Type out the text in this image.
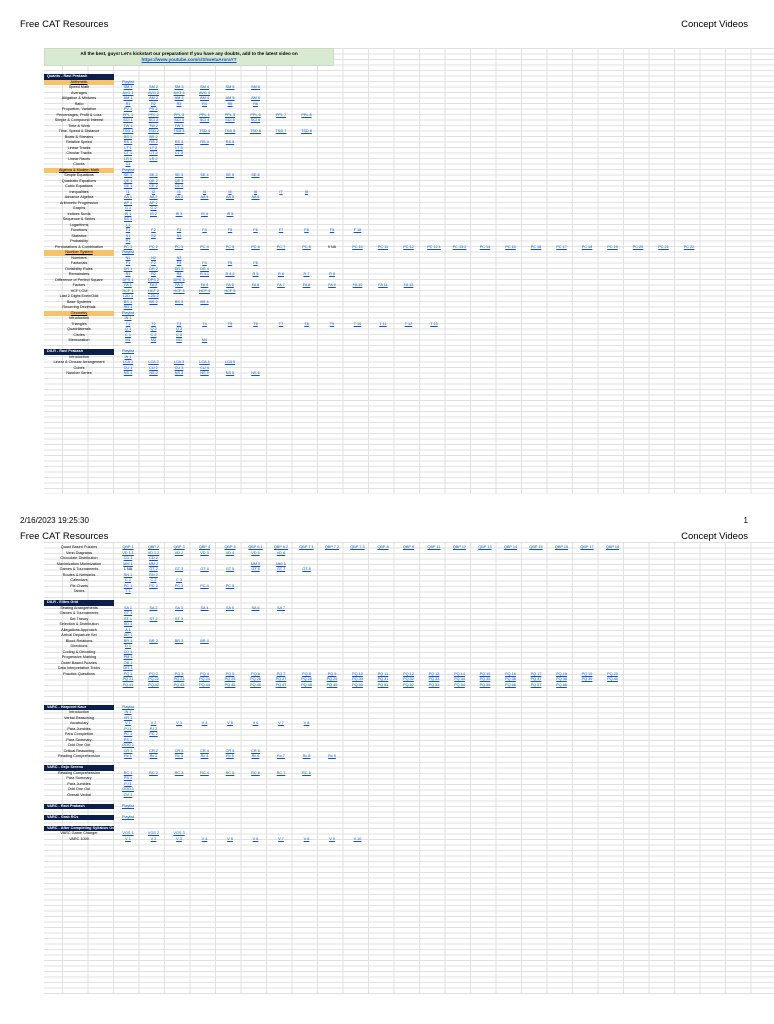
Free CAT Resources	Concept Videos
All the best, guys! Let's kickstart our preparation! If you have any doubts, add to the latest video on https://www.youtube.com/c/ShwetaAroraYT
Quants - Ravi Prakash
Arithmetic	Playlist
Speed Math	SM 1	SM 2	SM 3	SM 4	SM 5	SM 6
Averages	AVG 1	AVG 2	AVG 3	AVG 4
Alligation & Mixtures	AM 1	AM 2	AM 3	AM 4	AM 5	AM 6
Ratio	R1	R2	R3	R4	R5	R6
Proportion, Variation	PV 1	PV 2
Percentages, Profit & Loss	PPL 1	PPL 2	PPL 3	PPL 4	PPL 5	PPL 6	PPL 7	PPL 8
Simple & Compound Interest	SCI 1	SCI 2	SCI 3	SCI 4	SCI 5	SCI 6
Time & Work	TW 1	TW 2	TW 3
Time, Speed & Distance	TSD 1	TSD 2	TSD 3	TSD 4	TSD 5	TSD 6	TSD 7	TSD 8
Boats & Streams	BS 1	BS 2
Relative Speed	RS 1	RS 2	RS 3	RS 4	RS 5
Linear Tracks	LT 1	LT 2	LT 3
Circular Tracks	CT 1	CT 2	CT 3
Linear Races	LR 1	LR 2
Clocks	C1
Algebra & Modern Math	Playlist
Simple Equations	SE 1	SE 2	SE 3	SE 4	SE 5	SE 6
Quadratic Equations	QE 1	QE 2	QE 3
Cubic Equations	CE 1	CE 2	CE 3
Inequalities	I1	I2	I3	I4	I5	I6	I7	I8
Advance Algebra	AA 1	AA 2	AA 3	AA 4	AA 5	AA 6
Arithmetic Progression	AP 1	AP 2
Graphs	G 1	G 2
Indices Surds	IS 1	IS 2	IS 3	IS 4	IS 5
Sequence & Series	SS 1
Logarithms	L1
Functions	F1	F2	F3	F4	F5	F6	F7	F8	F9	F 10
Statistics	S1	S2	S3
Probability	P1
Permutations & Combination	PC 1	PC 2	PC 3	PC 4	PC 5	PC 6	PC 7	PC 8	9 NA	PC 10	PC 11	PC 12	PC 12.1	PC 13.2	PC 14	PC 15	PC 16	PC 17	PC 18	PC 19	PC 20	PC 21	PC 22
Number System	Playlist
Numbers	N1	N2	N3
Factorials	F1	F2	F3	F4	F5	F6
Divisibility Rules	DR 1	DR 2	DR 3	DR 4
Remainders	R1	R2	R3	R 4.1	R 4.2	R 5	R 6	R 7	R 8
Difference of Perfect Square	DPS 1	DPS 2	DPS 3
Factors	FA 1	FA 2	FA 3	FA 4	FA 5	FA 6	FA 7	FA 8	FA 9	FA 10	FA 11	FA 12
HCF LCM	HCF 1	HCF 2	HCF 3	HCF 4	HCF 5
Last 2 Digits Even/Odd	L2D 1	L2D 2
Base Systems	BS 1	BS 2	BS 3	BS 4
Recurring Decimals	RD 1
Geometry	Playlist
Introduction	IN 1
Triangles	T1	T2	T3	T4	T5	T6	T7	T8	T9	T 10	T 11	T 12	T 13
Quadrilaterals	Q 1	Q 2	Q 3
Circles	C 1	C 2	C 3
Mensuration	M1	M2	M3	M4
DILR - Ravi Prakash	Playlist
Introduction	IN 1
Linear & Circular Arrangement	LCA 1	LCA 2	LCA 3	LCA 4	LCA 5
Cubes	CU 1	CU 2	CU 3	CU 4
Number Series	NS 1	NS 2	NS 3	NS 4	NS 5	NS 6
2/16/2023 19:25:30	1
Free CAT Resources	Concept Videos
Quant Based Puzzles	QBP 1	QBP 2	QBP 3	QBP 4	QBP 5	QBP 6.1	QBP 6.2	QBP 7.1	QBP 7.2	QBP 7.3	QBP 8	QBP 9	QBP 11	QBP 12	QBP 13	QBP 14	QBP 15	QBP 16	QBP 17	QBP 18
Venn Diagrams	VD 1.1	VD 1.2	VD 2	VD 3	VD 4	VD 5	VD 6
Chocolate Distribution	CD 1	CD 2
Maximization Minimization	MM 1	MM 2	MM 5	MM 6
Games & Tournaments	1 NA	GT 2	GT 3	GT 4	GT 5	GT 6	GT 7	GT 8
Routes & Networks	RN 1	RN 2
Calendars	C 1	C 2	C 3
Pie Charts	PC 1	PC 2	PC 3	PC 4	PC 5
Tables	T 1
DILR - Elites Grid
Seating Arrangements	SA 1	SA 2	SA 3	SA 4	SA 5	SA 6	SA 7
Games & Tournaments	GT 1
Set Theory	ST 1	ST 2	ST 3
Selection & Distribution	SD 1
Allegations Approach	A 1
Arrival Departure Set	AD 1
Blood Relations	BR 1	BR 2	BR 3	BR 4
Directions	D 1
Coding & Decoding	CD 1
Progressive Marking	PM 1
Order Based Puzzles	OB 1
Data Interpretation Tricks	DIT 1
Practice Questions	PQ 1	PQ 2	PQ 3	PQ 4	PQ 5	PQ 6	PQ 7	PQ 8	PQ 9	PQ 10	PQ 11	PQ 12	PQ 13	PQ 14	PQ 15	PQ 16	PQ 17	PQ 18	PQ 19	PQ 20
PQ 21	PQ 22	PQ 23	PQ 24	PQ 25	PQ 26	PQ 27	PQ 28	PQ 29	PQ 30	PQ 31	PQ 32	PQ 33	PQ 34	PQ 35	PQ 36	PQ 37	PQ 38	PQ 39	PQ 40
PQ 41	PQ 42	PQ 43	PQ 44	PQ 45	PQ 46	PQ 47	PQ 48	PQ 49	PQ 50	PQ 51	PQ 52	PQ 53	PQ 54	PQ 55	PQ 56	PQ 57	PQ 58
VARC - Harpreet Kaur	Playlist
Introduction	IN 1
Verbal Reasoning	VR 1
Vocabulary	V 1	V 2	V 3	V 4	V 5	V 6	V 7	V 8
Para Jumbles	PJ 1	PJ 2
Para Completion	PC 1	PC 2
Para Summary	PS 1
Odd One Out	OOO 1
Critical Reasoning	CR 1	CR 2	CR 3	CR 4	CR 5	CR 6
Reading Comprehension	Rc 1	Rc 2	Rc 3	Rc 4	Rc 5	Rc 6	Rc 7	Rc 8	Rc 9
VARC - Gejo Sreenu
Reading Comprehension	RC 1	RC 2	RC 3	RC 4	RC 5	RC 6	RC 7	RC 8
Para Summary	PS 1
Para Jumbles	PJ 1
Odd One Out	OOO 1
Overall Verbal	OV 1
VARC - Ravi Prakash	Playlist
VARC - Grab RCs	Playlist
VARC - After Completing Syllabus Overview
VARC Game Changer	VGS 1	VGS 2	VGS 3
VARC 1000	V 1	V 2	V 3	V 4	V 5	V 6	V 7	V 8	V 9	V 10
